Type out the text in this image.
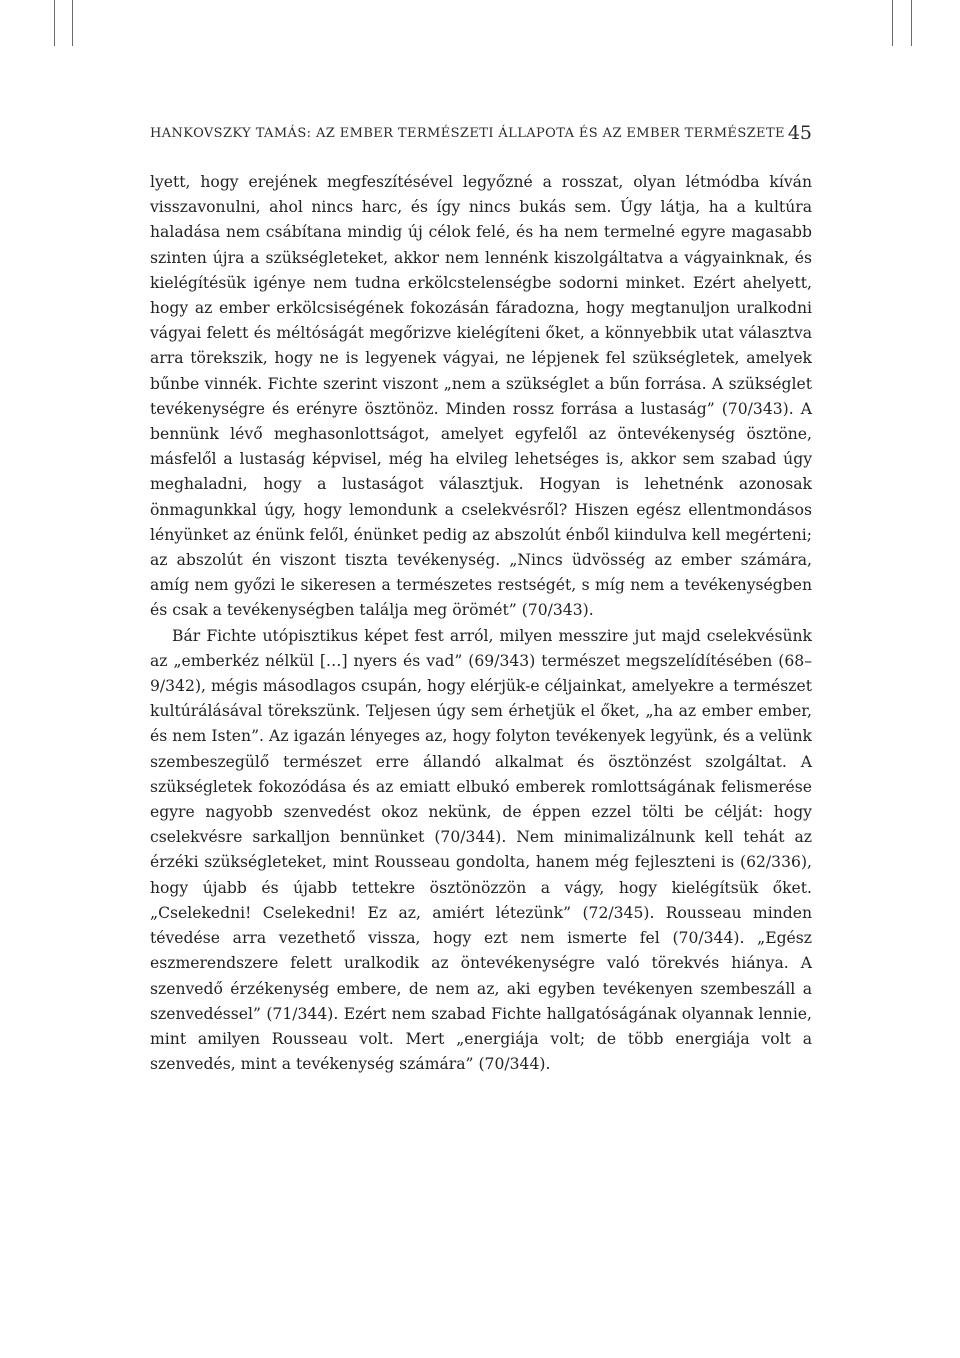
HANKOVSZKY TAMÁS: AZ EMBER TERMÉSZETI ÁLLAPOTA ÉS AZ EMBER TERMÉSZETE 45

lyett, hogy erejének megfeszítésével legyőzné a rosszat, olyan létmódba kíván visszavonulni, ahol nincs harc, és így nincs bukás sem. Úgy látja, ha a kultúra haladása nem csábítana mindig új célok felé, és ha nem termelné egyre magasabb szinten újra a szükségleteket, akkor nem lennénk kiszolgáltatva a vágyainknak, és kielégítésük igénye nem tudna erkölcstelenségbe sodorni minket. Ezért ahelyett, hogy az ember erkölcsiségének fokozásán fáradozna, hogy megtanuljon uralkodni vágyai felett és méltóságát megőrizve kielégíteni őket, a könnyebbik utat választva arra törekszik, hogy ne is legyenek vágyai, ne lépjenek fel szükségletek, amelyek bűnbe vinnék. Fichte szerint viszont „nem a szükséglet a bűn forrása. A szükséglet tevékenységre és erényre ösztönöz. Minden rossz forrása a lustaság” (70/343). A bennünk lévő meghasonlottságot, amelyet egyfelől az öntevékenység ösztöne, másfelől a lustaság képvisel, még ha elvileg lehetséges is, akkor sem szabad úgy meghaladni, hogy a lustaságot választjuk. Hogyan is lehetnénk azonosak önmagunkkal úgy, hogy lemondunk a cselekvésről? Hiszen egész ellentmondásos lényünket az énünk felől, énünket pedig az abszolút énből kiindulva kell megérteni; az abszolút én viszont tiszta tevékenység. „Nincs üdvösség az ember számára, amíg nem győzi le sikeresen a természetes restségét, s míg nem a tevékenységben és csak a tevékenységben találja meg örömét” (70/343).

Bár Fichte utópisztikus képet fest arról, milyen messzire jut majd cselekvésünk az „emberkéz nélkül […] nyers és vad” (69/343) természet megszelídítésében (68–9/342), mégis másodlagos csupán, hogy elérjük-e céljainkat, amelyekre a természet kultúrálásával törekszünk. Teljesen úgy sem érhetjük el őket, „ha az ember ember, és nem Isten”. Az igazán lényeges az, hogy folyton tevékenyek legyünk, és a velünk szembeszegülő természet erre állandó alkalmat és ösztönzést szolgáltat. A szükségletek fokozódása és az emiatt elbukó emberek romlottságának felismerése egyre nagyobb szenvedést okoz nekünk, de éppen ezzel tölti be célját: hogy cselekvésre sarkalljon bennünket (70/344). Nem minimalizálnunk kell tehát az érzéki szükségleteket, mint Rousseau gondolta, hanem még fejleszteni is (62/336), hogy újabb és újabb tettekre ösztönözzön a vágy, hogy kielégítsük őket. „Cselekedni! Cselekedni! Ez az, amiért létezünk” (72/345). Rousseau minden tévedése arra vezethető vissza, hogy ezt nem ismerte fel (70/344). „Egész eszmerendszere felett uralkodik az öntevékenységre való törekvés hiánya. A szenvedő érzékenység embere, de nem az, aki egyben tevékenyen szembeszáll a szenvedéssel” (71/344). Ezért nem szabad Fichte hallgatóságának olyannak lennie, mint amilyen Rousseau volt. Mert „energiája volt; de több energiája volt a szenvedés, mint a tevékenység számára” (70/344).
